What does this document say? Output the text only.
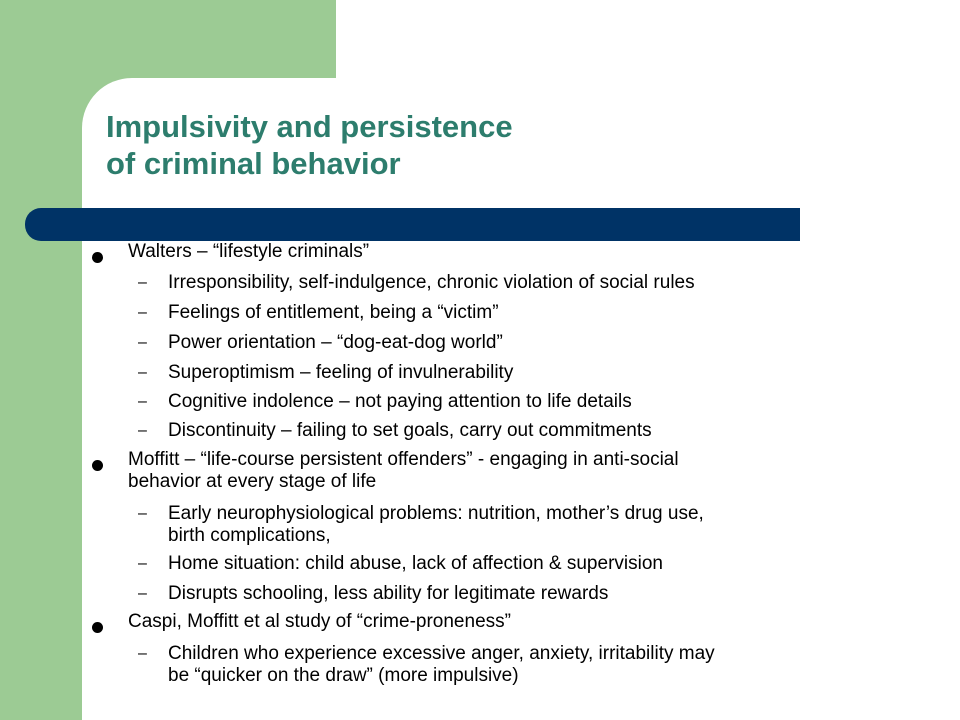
Impulsivity and persistence
of criminal behavior
Walters – “lifestyle criminals”
– Irresponsibility, self-indulgence, chronic violation of social rules
– Feelings of entitlement, being a “victim”
– Power orientation – “dog-eat-dog world”
– Superoptimism – feeling of invulnerability
– Cognitive indolence – not paying attention to life details
– Discontinuity – failing to set goals, carry out commitments
Moffitt – “life-course persistent offenders” - engaging in anti-social
behavior at every stage of life
– Early neurophysiological problems: nutrition, mother’s drug use,
birth complications,
– Home situation: child abuse, lack of affection & supervision
– Disrupts schooling, less ability for legitimate rewards
Caspi, Moffitt et al study of “crime-proneness”
– Children who experience excessive anger, anxiety, irritability may
be “quicker on the draw” (more impulsive)
